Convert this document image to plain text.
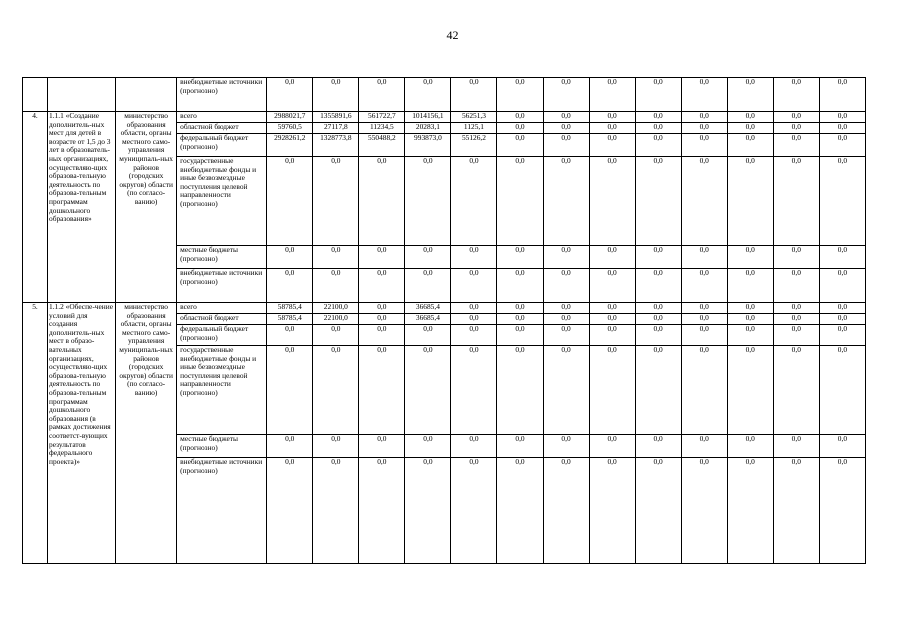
42
			внебюджетные источники (прогнозно)	0,0	0,0	0,0	0,0	0,0	0,0	0,0	0,0	0,0	0,0	0,0	0,0	0,0
4.	1.1.1 «Создание дополнитель-ных мест для детей в возрасте от 1,5 до 3 лет в образователь-ных организациях, осуществляю-щих образова-тельную деятельность по образова-тельным программам дошкольного образования»	министерство образования области, органы местного само-управления муниципаль-ных районов (городских округов) области (по согласо-ванию)	всего	2988021,7	1355891,6	561722,7	1014156,1	56251,3	0,0	0,0	0,0	0,0	0,0	0,0	0,0	0,0
			областной бюджет	59760,5	27117,8	11234,5	20283,1	1125,1	0,0	0,0	0,0	0,0	0,0	0,0	0,0	0,0
			федеральный бюджет (прогнозно)	2928261,2	1328773,8	550488,2	993873,0	55126,2	0,0	0,0	0,0	0,0	0,0	0,0	0,0	0,0
			государственные внебюджетные фонды и иные безвозмездные поступления целевой направленности (прогнозно)	0,0	0,0	0,0	0,0	0,0	0,0	0,0	0,0	0,0	0,0	0,0	0,0	0,0
			местные бюджеты (прогнозно)	0,0	0,0	0,0	0,0	0,0	0,0	0,0	0,0	0,0	0,0	0,0	0,0	0,0
			внебюджетные источники (прогнозно)	0,0	0,0	0,0	0,0	0,0	0,0	0,0	0,0	0,0	0,0	0,0	0,0	0,0
5.	1.1.2 «Обеспе-чение условий для создания дополнитель-ных мест в образо-вательных организациях, осуществляю-щих образова-тельную деятельность по образова-тельным программам дошкольного образования (в рамках достижения соответст-вующих результатов федерального проекта)»	министерство образования области, органы местного само-управления муниципаль-ных районов (городских округов) области (по согласо-ванию)	всего	58785,4	22100,0	0,0	36685,4	0,0	0,0	0,0	0,0	0,0	0,0	0,0	0,0	0,0
			областной бюджет	58785,4	22100,0	0,0	36685,4	0,0	0,0	0,0	0,0	0,0	0,0	0,0	0,0	0,0
			федеральный бюджет (прогнозно)	0,0	0,0	0,0	0,0	0,0	0,0	0,0	0,0	0,0	0,0	0,0	0,0	0,0
			государственные внебюджетные фонды и иные безвозмездные поступления целевой направленности (прогнозно)	0,0	0,0	0,0	0,0	0,0	0,0	0,0	0,0	0,0	0,0	0,0	0,0	0,0
			местные бюджеты (прогнозно)	0,0	0,0	0,0	0,0	0,0	0,0	0,0	0,0	0,0	0,0	0,0	0,0	0,0
			внебюджетные источники (прогнозно)	0,0	0,0	0,0	0,0	0,0	0,0	0,0	0,0	0,0	0,0	0,0	0,0	0,0
